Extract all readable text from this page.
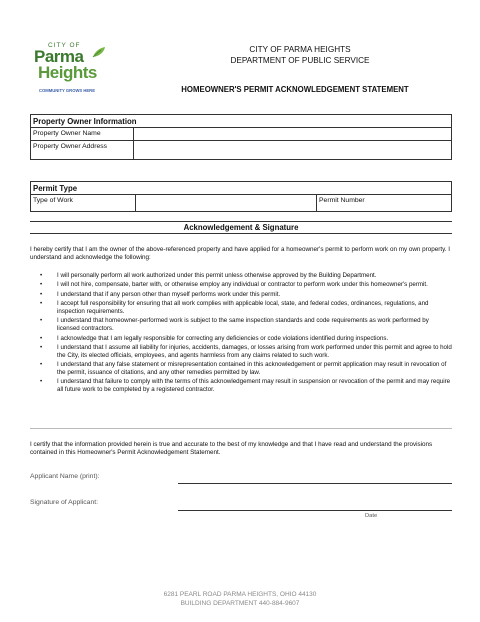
CITY OF
Parma
Heights
COMMUNITY GROWS HERE
CITY OF PARMA HEIGHTS
DEPARTMENT OF PUBLIC SERVICE
HOMEOWNER'S PERMIT ACKNOWLEDGEMENT STATEMENT
Property Owner Information
Property Owner Name
Property Owner Address
Permit Type
Type of Work	Permit Number
Acknowledgement & Signature
I hereby certify that I am the owner of the above-referenced property and have applied for a homeowner's permit to perform work on my own property. I understand and acknowledge the following:
• I will personally perform all work authorized under this permit unless otherwise approved by the Building Department.
• I will not hire, compensate, barter with, or otherwise employ any individual or contractor to perform work under this homeowner's permit.
• I understand that if any person other than myself performs work under this permit.
• I accept full responsibility for ensuring that all work complies with applicable local, state, and federal codes, ordinances, regulations, and inspection requirements.
• I understand that homeowner-performed work is subject to the same inspection standards and code requirements as work performed by licensed contractors.
• I acknowledge that I am legally responsible for correcting any deficiencies or code violations identified during inspections.
• I understand that I assume all liability for injuries, accidents, damages, or losses arising from work performed under this permit and agree to hold the City, its elected officials, employees, and agents harmless from any claims related to such work.
• I understand that any false statement or misrepresentation contained in this acknowledgement or permit application may result in revocation of the permit, issuance of citations, and any other remedies permitted by law.
• I understand that failure to comply with the terms of this acknowledgement may result in suspension or revocation of the permit and may require all future work to be completed by a registered contractor.
I certify that the information provided herein is true and accurate to the best of my knowledge and that I have read and understand the provisions contained in this Homeowner's Permit Acknowledgement Statement.
Applicant Name (print):
Signature of Applicant:
Date
6281 PEARL ROAD PARMA HEIGHTS, OHIO 44130
BUILDING DEPARTMENT 440-884-9607
